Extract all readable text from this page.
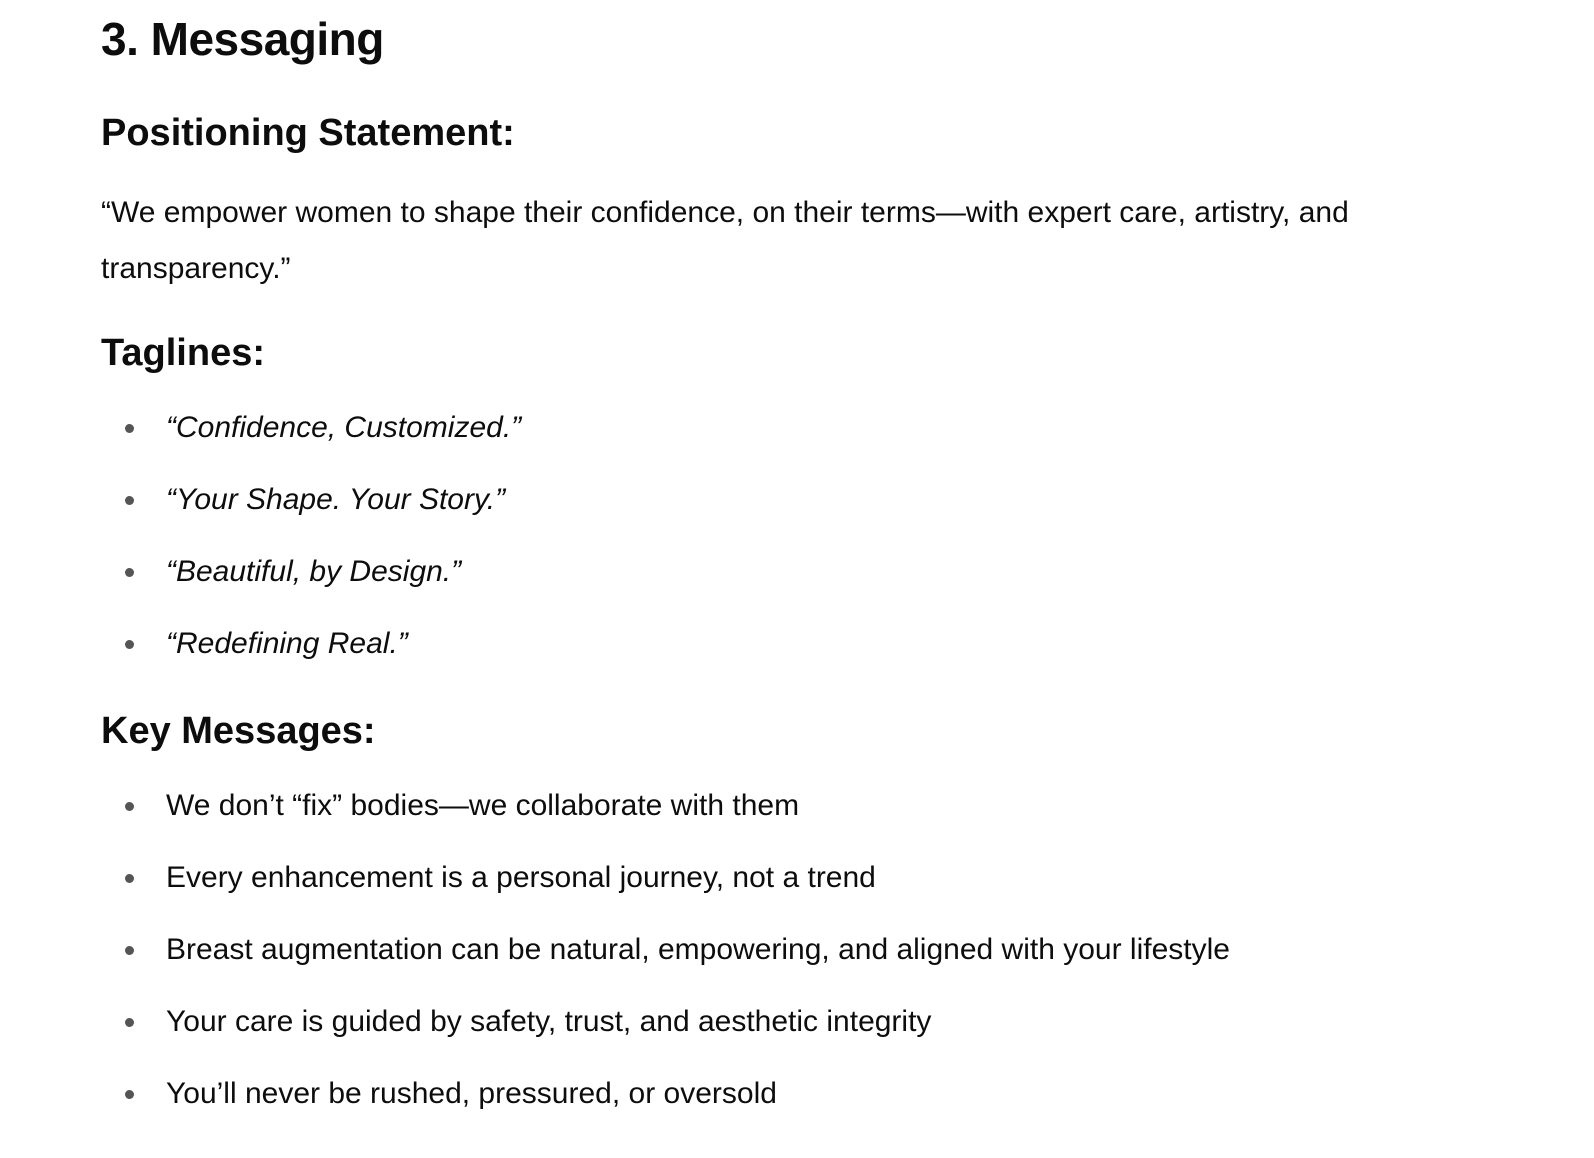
3. Messaging
Positioning Statement:

“We empower women to shape their confidence, on their terms—with expert care, artistry, and transparency.”

Taglines:
“Confidence, Customized.”
“Your Shape. Your Story.”
“Beautiful, by Design.”
“Redefining Real.”
Key Messages:
We don’t “fix” bodies—we collaborate with them
Every enhancement is a personal journey, not a trend
Breast augmentation can be natural, empowering, and aligned with your lifestyle
Your care is guided by safety, trust, and aesthetic integrity
You’ll never be rushed, pressured, or oversold
